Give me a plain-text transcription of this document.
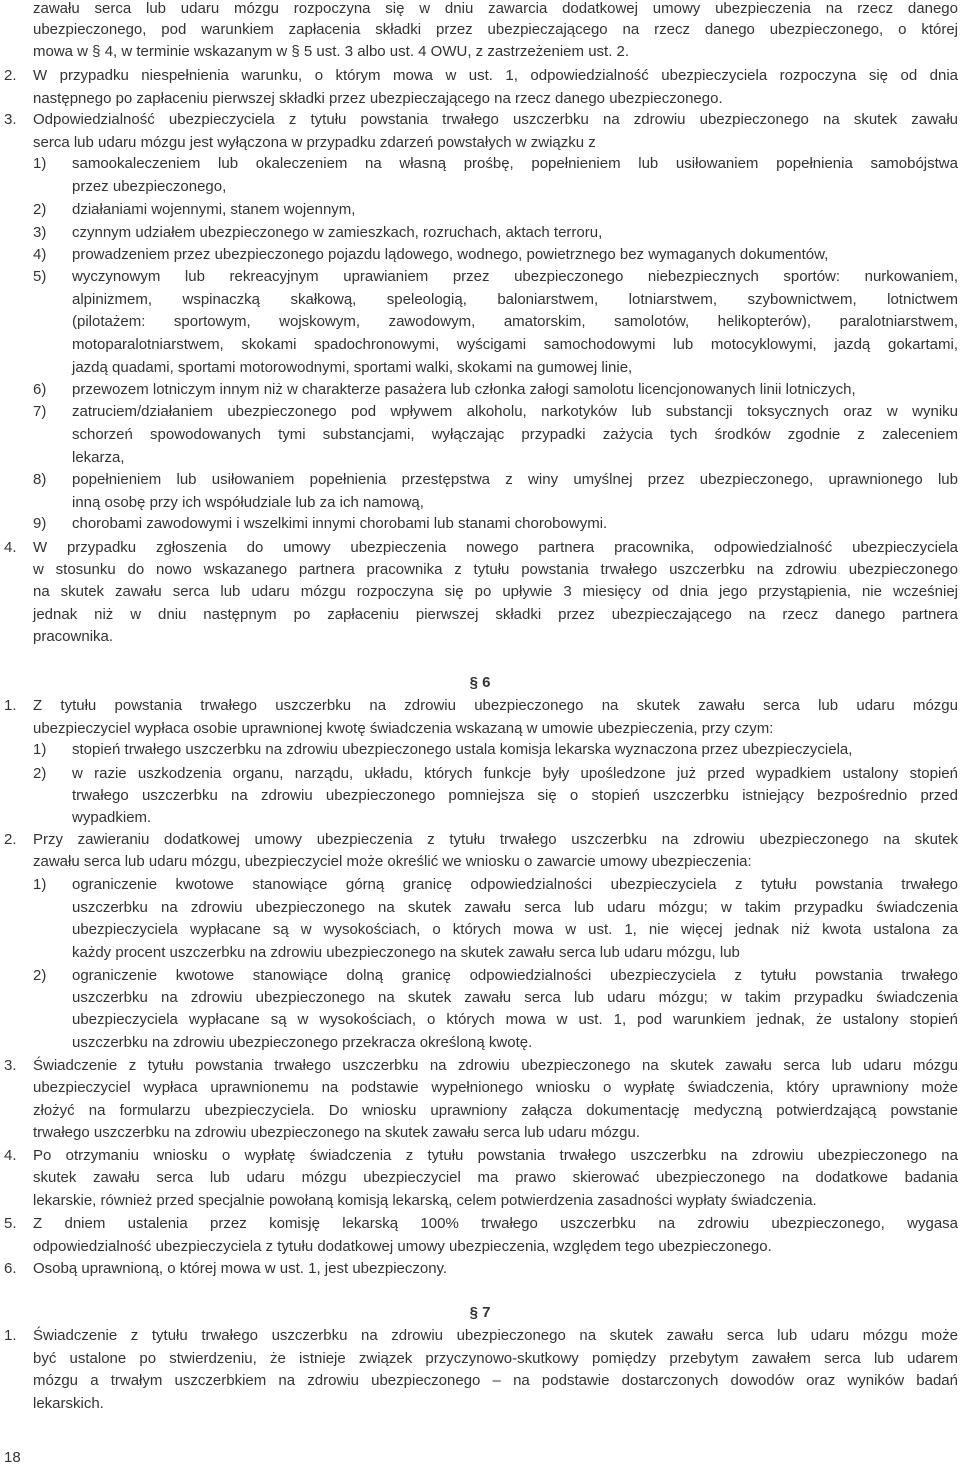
zawału serca lub udaru mózgu rozpoczyna się w dniu zawarcia dodatkowej umowy ubezpieczenia na rzecz danego
ubezpieczonego, pod warunkiem zapłacenia składki przez ubezpieczającego na rzecz danego ubezpieczonego, o której
mowa w § 4, w terminie wskazanym w § 5 ust. 3 albo ust. 4 OWU, z zastrzeżeniem ust. 2.
2. W przypadku niespełnienia warunku, o którym mowa w ust. 1, odpowiedzialność ubezpieczyciela rozpoczyna się od dnia
następnego po zapłaceniu pierwszej składki przez ubezpieczającego na rzecz danego ubezpieczonego.
3. Odpowiedzialność ubezpieczyciela z tytułu powstania trwałego uszczerbku na zdrowiu ubezpieczonego na skutek zawału
serca lub udaru mózgu jest wyłączona w przypadku zdarzeń powstałych w związku z
1) samookaleczeniem lub okaleczeniem na własną prośbę, popełnieniem lub usiłowaniem popełnienia samobójstwa
przez ubezpieczonego,
2) działaniami wojennymi, stanem wojennym,
3) czynnym udziałem ubezpieczonego w zamieszkach, rozruchach, aktach terroru,
4) prowadzeniem przez ubezpieczonego pojazdu lądowego, wodnego, powietrznego bez wymaganych dokumentów,
5) wyczynowym lub rekreacyjnym uprawianiem przez ubezpieczonego niebezpiecznych sportów: nurkowaniem,
alpinizmem, wspinaczką skałkową, speleologią, baloniarstwem, lotniarstwem, szybownictwem, lotnictwem
(pilotażem: sportowym, wojskowym, zawodowym, amatorskim, samolotów, helikopterów), paralotniarstwem,
motoparalotniarstwem, skokami spadochronowymi, wyścigami samochodowymi lub motocyklowymi, jazdą gokartami,
jazdą quadami, sportami motorowodnymi, sportami walki, skokami na gumowej linie,
6) przewozem lotniczym innym niż w charakterze pasażera lub członka załogi samolotu licencjonowanych linii lotniczych,
7) zatruciem/działaniem ubezpieczonego pod wpływem alkoholu, narkotyków lub substancji toksycznych oraz w wyniku
schorzeń spowodowanych tymi substancjami, wyłączając przypadki zażycia tych środków zgodnie z zaleceniem
lekarza,
8) popełnieniem lub usiłowaniem popełnienia przestępstwa z winy umyślnej przez ubezpieczonego, uprawnionego lub
inną osobę przy ich współudziale lub za ich namową,
9) chorobami zawodowymi i wszelkimi innymi chorobami lub stanami chorobowymi.
4. W przypadku zgłoszenia do umowy ubezpieczenia nowego partnera pracownika, odpowiedzialność ubezpieczyciela
w stosunku do nowo wskazanego partnera pracownika z tytułu powstania trwałego uszczerbku na zdrowiu ubezpieczonego
na skutek zawału serca lub udaru mózgu rozpoczyna się po upływie 3 miesięcy od dnia jego przystąpienia, nie wcześniej
jednak niż w dniu następnym po zapłaceniu pierwszej składki przez ubezpieczającego na rzecz danego partnera
pracownika.
§ 6
1. Z tytułu powstania trwałego uszczerbku na zdrowiu ubezpieczonego na skutek zawału serca lub udaru mózgu
ubezpieczyciel wypłaca osobie uprawnionej kwotę świadczenia wskazaną w umowie ubezpieczenia, przy czym:
1) stopień trwałego uszczerbku na zdrowiu ubezpieczonego ustala komisja lekarska wyznaczona przez ubezpieczyciela,
2) w razie uszkodzenia organu, narządu, układu, których funkcje były upośledzone już przed wypadkiem ustalony stopień
trwałego uszczerbku na zdrowiu ubezpieczonego pomniejsza się o stopień uszczerbku istniejący bezpośrednio przed
wypadkiem.
2. Przy zawieraniu dodatkowej umowy ubezpieczenia z tytułu trwałego uszczerbku na zdrowiu ubezpieczonego na skutek
zawału serca lub udaru mózgu, ubezpieczyciel może określić we wniosku o zawarcie umowy ubezpieczenia:
1) ograniczenie kwotowe stanowiące górną granicę odpowiedzialności ubezpieczyciela z tytułu powstania trwałego
uszczerbku na zdrowiu ubezpieczonego na skutek zawału serca lub udaru mózgu; w takim przypadku świadczenia
ubezpieczyciela wypłacane są w wysokościach, o których mowa w ust. 1, nie więcej jednak niż kwota ustalona za
każdy procent uszczerbku na zdrowiu ubezpieczonego na skutek zawału serca lub udaru mózgu, lub
2) ograniczenie kwotowe stanowiące dolną granicę odpowiedzialności ubezpieczyciela z tytułu powstania trwałego
uszczerbku na zdrowiu ubezpieczonego na skutek zawału serca lub udaru mózgu; w takim przypadku świadczenia
ubezpieczyciela wypłacane są w wysokościach, o których mowa w ust. 1, pod warunkiem jednak, że ustalony stopień
uszczerbku na zdrowiu ubezpieczonego przekracza określoną kwotę.
3. Świadczenie z tytułu powstania trwałego uszczerbku na zdrowiu ubezpieczonego na skutek zawału serca lub udaru mózgu
ubezpieczyciel wypłaca uprawnionemu na podstawie wypełnionego wniosku o wypłatę świadczenia, który uprawniony może
złożyć na formularzu ubezpieczyciela. Do wniosku uprawniony załącza dokumentację medyczną potwierdzającą powstanie
trwałego uszczerbku na zdrowiu ubezpieczonego na skutek zawału serca lub udaru mózgu.
4. Po otrzymaniu wniosku o wypłatę świadczenia z tytułu powstania trwałego uszczerbku na zdrowiu ubezpieczonego na
skutek zawału serca lub udaru mózgu ubezpieczyciel ma prawo skierować ubezpieczonego na dodatkowe badania
lekarskie, również przed specjalnie powołaną komisją lekarską, celem potwierdzenia zasadności wypłaty świadczenia.
5. Z dniem ustalenia przez komisję lekarską 100% trwałego uszczerbku na zdrowiu ubezpieczonego, wygasa
odpowiedzialność ubezpieczyciela z tytułu dodatkowej umowy ubezpieczenia, względem tego ubezpieczonego.
6. Osobą uprawnioną, o której mowa w ust. 1, jest ubezpieczony.
§ 7
1. Świadczenie z tytułu trwałego uszczerbku na zdrowiu ubezpieczonego na skutek zawału serca lub udaru mózgu może
być ustalone po stwierdzeniu, że istnieje związek przyczynowo-skutkowy pomiędzy przebytym zawałem serca lub udarem
mózgu a trwałym uszczerbkiem na zdrowiu ubezpieczonego – na podstawie dostarczonych dowodów oraz wyników badań
lekarskich.
18
